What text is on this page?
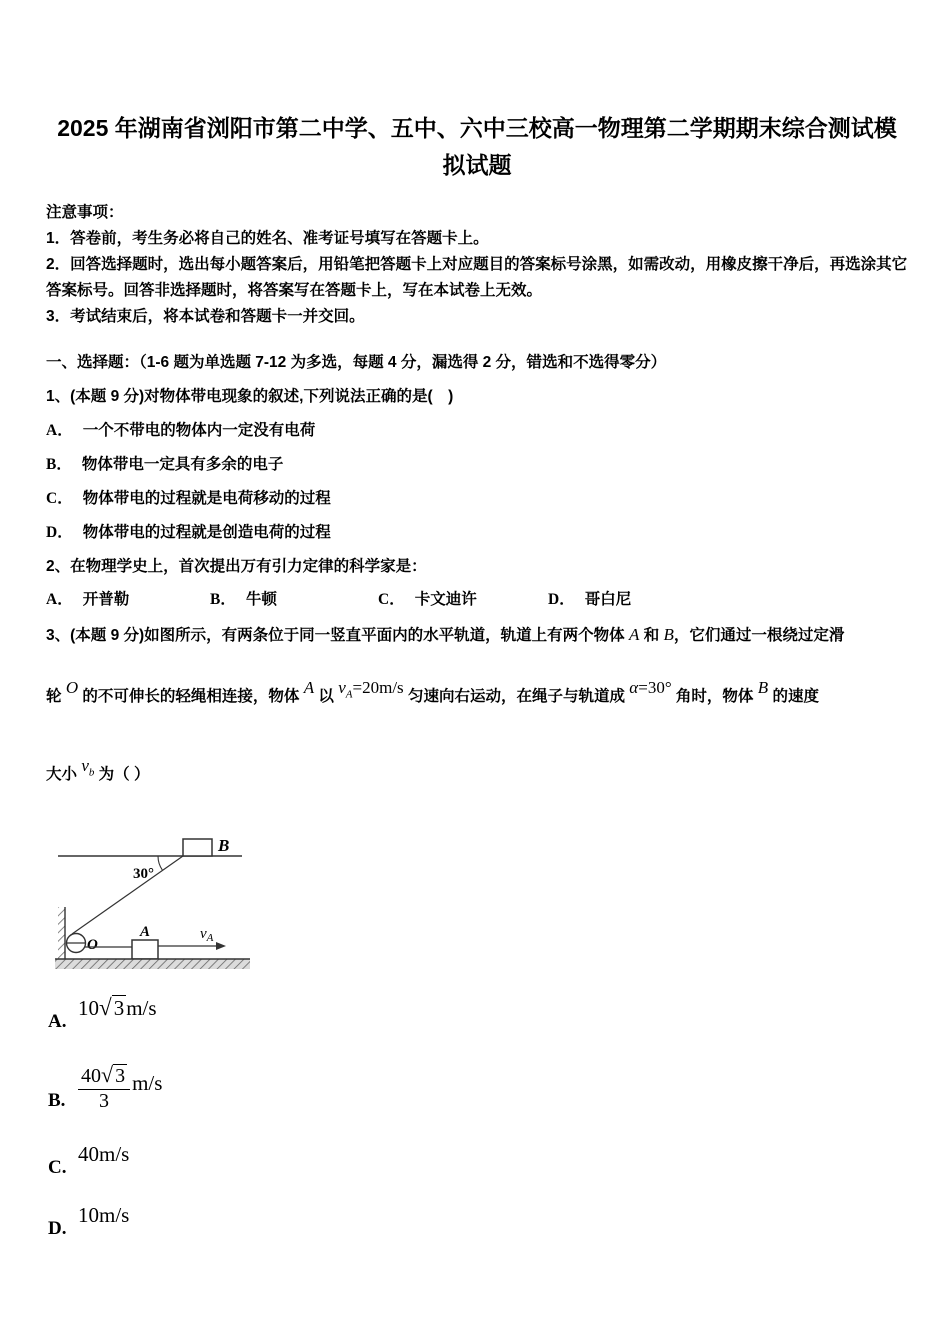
2025 年湖南省浏阳市第二中学、五中、六中三校高一物理第二学期期末综合测试模拟试题

注意事项：

1．答卷前，考生务必将自己的姓名、准考证号填写在答题卡上。

2．回答选择题时，选出每小题答案后，用铅笔把答题卡上对应题目的答案标号涂黑，如需改动，用橡皮擦干净后，再选涂其它答案标号。回答非选择题时，将答案写在答题卡上，写在本试卷上无效。

3．考试结束后，将本试卷和答题卡一并交回。

一、选择题：（1-6 题为单选题 7-12 为多选，每题 4 分，漏选得 2 分，错选和不选得零分）

1、(本题 9 分)对物体带电现象的叙述,下列说法正确的是(　)

A． 一个不带电的物体内一定没有电荷

B． 物体带电一定具有多余的电子

C． 物体带电的过程就是电荷移动的过程

D． 物体带电的过程就是创造电荷的过程

2、在物理学史上，首次提出万有引力定律的科学家是：

A． 开普勒	B． 牛顿	C． 卡文迪许	D． 哥白尼

3、(本题 9 分)如图所示，有两条位于同一竖直平面内的水平轨道，轨道上有两个物体 A 和 B，它们通过一根绕过定滑

轮 O 的不可伸长的轻绳相连接，物体 A 以 $v_A=20m/s$ 匀速向右运动，在绳子与轨道成 α=30° 角时，物体 B 的速度

大小 $v_b$ 为（ ）

B
30°
O
A	$v_A$
A.
10√3m/s
B. $\frac{40√ 3}{3} m/s$
C.
40m/s
D.
10m/s
